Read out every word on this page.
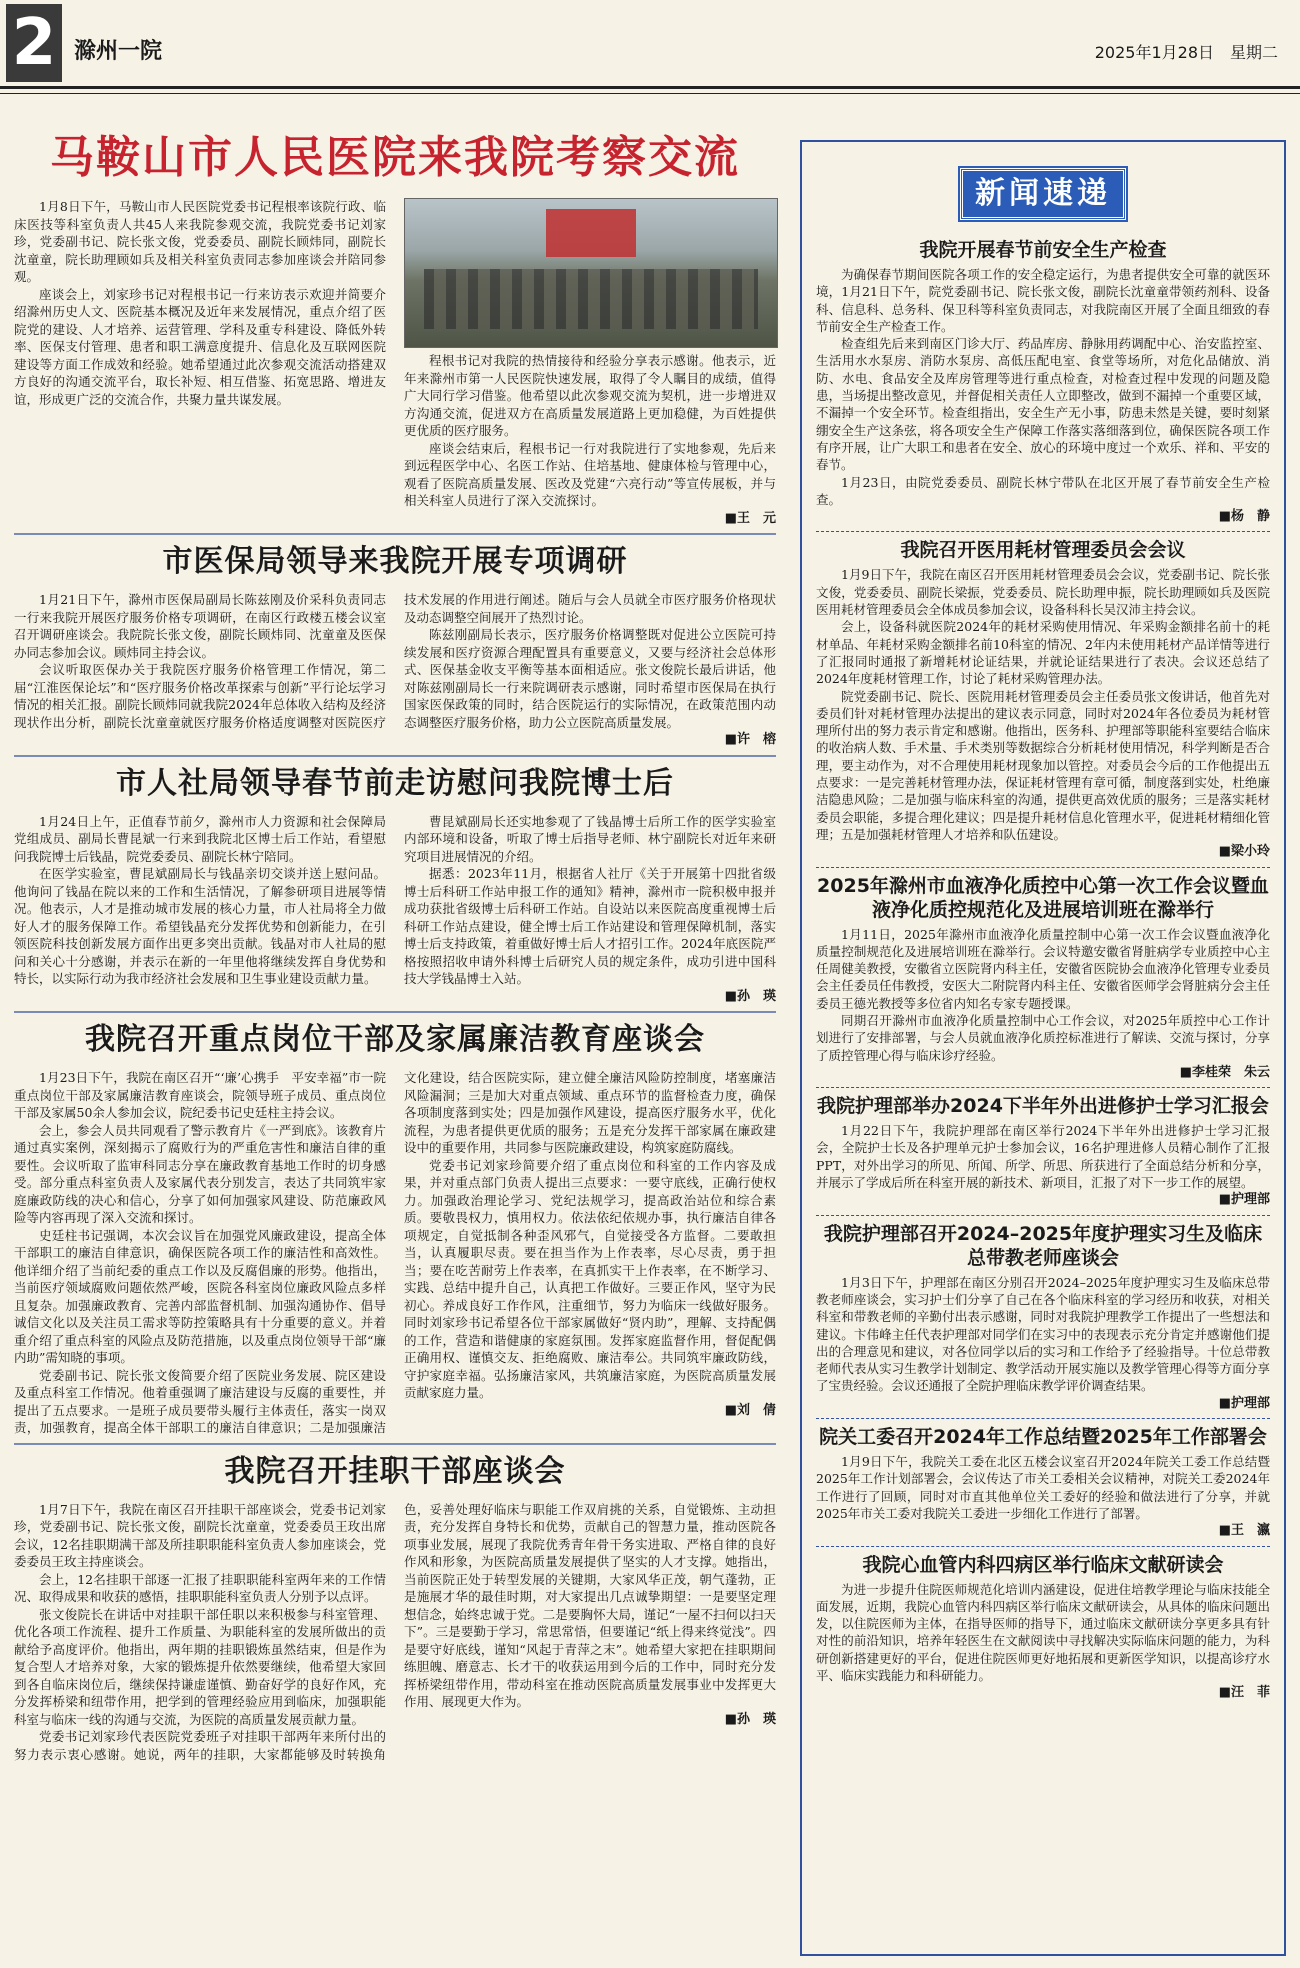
2 滁州一院	2025年1月28日　星期二
马鞍山市人民医院来我院考察交流

1月8日下午，马鞍山市人民医院党委书记程根率该院行政、临床医技等科室负责人共45人来我院参观交流，我院党委书记刘家珍，党委副书记、院长张文俊，党委委员、副院长顾炜同，副院长沈童童，院长助理顾如兵及相关科室负责同志参加座谈会并陪同参观。

座谈会上，刘家珍书记对程根书记一行来访表示欢迎并简要介绍滁州历史人文、医院基本概况及近年来发展情况，重点介绍了医院党的建设、人才培养、运营管理、学科及重专科建设、降低外转率、医保支付管理、患者和职工满意度提升、信息化及互联网医院建设等方面工作成效和经验。她希望通过此次参观交流活动搭建双方良好的沟通交流平台，取长补短、相互借鉴、拓宽思路、增进友谊，形成更广泛的交流合作，共聚力量共谋发展。

程根书记对我院的热情接待和经验分享表示感谢。他表示，近年来滁州市第一人民医院快速发展，取得了令人瞩目的成绩，值得广大同行学习借鉴。他希望以此次参观交流为契机，进一步增进双方沟通交流，促进双方在高质量发展道路上更加稳健，为百姓提供更优质的医疗服务。

座谈会结束后，程根书记一行对我院进行了实地参观，先后来到远程医学中心、名医工作站、住培基地、健康体检与管理中心，观看了医院高质量发展、医改及党建“六亮行动”等宣传展板，并与相关科室人员进行了深入交流探讨。

■王　元
市医保局领导来我院开展专项调研

1月21日下午，滁州市医保局副局长陈兹刚及价采科负责同志一行来我院开展医疗服务价格专项调研，在南区行政楼五楼会议室召开调研座谈会。我院院长张文俊，副院长顾炜同、沈童童及医保办同志参加会议。顾炜同主持会议。

会议听取医保办关于我院医疗服务价格管理工作情况，第二届“江淮医保论坛”和“医疗服务价格改革探索与创新”平行论坛学习情况的相关汇报。副院长顾炜同就我院2024年总体收入结构及经济现状作出分析，副院长沈童童就医疗服务价格适度调整对医院医疗技术发展的作用进行阐述。随后与会人员就全市医疗服务价格现状及动态调整空间展开了热烈讨论。

陈兹刚副局长表示，医疗服务价格调整既对促进公立医院可持续发展和医疗资源合理配置具有重要意义，又要与经济社会总体形式、医保基金收支平衡等基本面相适应。张文俊院长最后讲话，他对陈兹刚副局长一行来院调研表示感谢，同时希望市医保局在执行国家医保政策的同时，结合医院运行的实际情况，在政策范围内动态调整医疗服务价格，助力公立医院高质量发展。

■许　榕
市人社局领导春节前走访慰问我院博士后

1月24日上午，正值春节前夕，滁州市人力资源和社会保障局党组成员、副局长曹昆斌一行来到我院北区博士后工作站，看望慰问我院博士后钱晶，院党委委员、副院长林宁陪同。

在医学实验室，曹昆斌副局长与钱晶亲切交谈并送上慰问品。他询问了钱晶在院以来的工作和生活情况，了解参研项目进展等情况。他表示，人才是推动城市发展的核心力量，市人社局将全力做好人才的服务保障工作。希望钱晶充分发挥优势和创新能力，在引领医院科技创新发展方面作出更多突出贡献。钱晶对市人社局的慰问和关心十分感谢，并表示在新的一年里他将继续发挥自身优势和特长，以实际行动为我市经济社会发展和卫生事业建设贡献力量。

曹昆斌副局长还实地参观了了钱晶博士后所工作的医学实验室内部环境和设备，听取了博士后指导老师、林宁副院长对近年来研究项目进展情况的介绍。

据悉：2023年11月，根据省人社厅《关于开展第十四批省级博士后科研工作站申报工作的通知》精神，滁州市一院积极申报并成功获批省级博士后科研工作站。自设站以来医院高度重视博士后科研工作站点建设，健全博士后工作站建设和管理保障机制，落实博士后支持政策，着重做好博士后人才招引工作。2024年底医院严格按照招收申请外科博士后研究人员的规定条件，成功引进中国科技大学钱晶博士入站。

■孙　瑛
我院召开重点岗位干部及家属廉洁教育座谈会

1月23日下午，我院在南区召开“‘廉’心携手　平安幸福”市一院重点岗位干部及家属廉洁教育座谈会，院领导班子成员、重点岗位干部及家属50余人参加会议，院纪委书记史廷柱主持会议。

会上，参会人员共同观看了警示教育片《一严到底》。该教育片通过真实案例，深刻揭示了腐败行为的严重危害性和廉洁自律的重要性。会议听取了监审科同志分享在廉政教育基地工作时的切身感受。部分重点科室负责人及家属代表分别发言，表达了共同筑牢家庭廉政防线的决心和信心，分享了如何加强家风建设、防范廉政风险等内容再现了深入交流和探讨。

史廷柱书记强调，本次会议旨在加强党风廉政建设，提高全体干部职工的廉洁自律意识，确保医院各项工作的廉洁性和高效性。他详细介绍了当前纪委的重点工作以及反腐倡廉的形势。他指出，当前医疗领域腐败问题依然严峻，医院各科室岗位廉政风险点多样且复杂。加强廉政教育、完善内部监督机制、加强沟通协作、倡导诚信文化以及关注员工需求等防控策略具有十分重要的意义。并着重介绍了重点科室的风险点及防范措施，以及重点岗位领导干部“廉内助”需知晓的事项。

党委副书记、院长张文俊简要介绍了医院业务发展、院区建设及重点科室工作情况。他着重强调了廉洁建设与反腐的重要性，并提出了五点要求。一是班子成员要带头履行主体责任，落实一岗双责，加强教育，提高全体干部职工的廉洁自律意识；二是加强廉洁文化建设，结合医院实际，建立健全廉洁风险防控制度，堵塞廉洁风险漏洞；三是加大对重点领域、重点环节的监督检查力度，确保各项制度落到实处；四是加强作风建设，提高医疗服务水平，优化流程，为患者提供更优质的服务；五是充分发挥干部家属在廉政建设中的重要作用，共同参与医院廉政建设，构筑家庭防腐线。

党委书记刘家珍简要介绍了重点岗位和科室的工作内容及成果，并对重点部门负责人提出三点要求：一要守底线，正确行使权力。加强政治理论学习、党纪法规学习，提高政治站位和综合素质。要敬畏权力，慎用权力。依法依纪依规办事，执行廉洁自律各项规定，自觉抵制各种歪风邪气，自觉接受各方监督。二要敢担当，认真履职尽责。要在担当作为上作表率，尽心尽责，勇于担当；要在吃苦耐劳上作表率，在真抓实干上作表率，在不断学习、实践、总结中提升自己，认真把工作做好。三要正作风，坚守为民初心。养成良好工作作风，注重细节，努力为临床一线做好服务。同时刘家珍书记希望各位干部家属做好“贤内助”，理解、支持配偶的工作，营造和谐健康的家庭氛围。发挥家庭监督作用，督促配偶正确用权、谨慎交友、拒绝腐败、廉洁奉公。共同筑牢廉政防线，守护家庭幸福。弘扬廉洁家风，共筑廉洁家庭，为医院高质量发展贡献家庭力量。

■刘　倩
我院召开挂职干部座谈会

1月7日下午，我院在南区召开挂职干部座谈会，党委书记刘家珍，党委副书记、院长张文俊，副院长沈童童，党委委员王玫出席会议，12名挂职期满干部及所挂职职能科室负责人参加座谈会，党委委员王玫主持座谈会。

会上，12名挂职干部逐一汇报了挂职职能科室两年来的工作情况、取得成果和收获的感悟，挂职职能科室负责人分别予以点评。

张文俊院长在讲话中对挂职干部任职以来积极参与科室管理、优化各项工作流程、提升工作质量、为职能科室的发展所做出的贡献给予高度评价。他指出，两年期的挂职锻炼虽然结束，但是作为复合型人才培养对象，大家的锻炼提升依然要继续，他希望大家回到各自临床岗位后，继续保持谦虚谨慎、勤奋好学的良好作风，充分发挥桥梁和纽带作用，把学到的管理经验应用到临床，加强职能科室与临床一线的沟通与交流，为医院的高质量发展贡献力量。

党委书记刘家珍代表医院党委班子对挂职干部两年来所付出的努力表示衷心感谢。她说，两年的挂职，大家都能够及时转换角色，妥善处理好临床与职能工作双肩挑的关系，自觉锻炼、主动担责，充分发挥自身特长和优势，贡献自己的智慧力量，推动医院各项事业发展，展现了我院优秀青年骨干务实进取、严格自律的良好作风和形象，为医院高质量发展提供了坚实的人才支撑。她指出，当前医院正处于转型发展的关键期，大家风华正茂，朝气蓬勃，正是施展才华的最佳时期，对大家提出几点诚挚期望：一是要坚定理想信念，始终忠诚于党。二是要胸怀大局，谨记“一屋不扫何以扫天下”。三是要勤于学习，常思常悟，但要谨记“纸上得来终觉浅”。四是要守好底线，谨知“风起于青萍之末”。她希望大家把在挂职期间练胆魄、磨意志、长才干的收获运用到今后的工作中，同时充分发挥桥梁纽带作用，带动科室在推动医院高质量发展事业中发挥更大作用、展现更大作为。

■孙　瑛
新闻速递
我院开展春节前安全生产检查

为确保春节期间医院各项工作的安全稳定运行，为患者提供安全可靠的就医环境，1月21日下午，院党委副书记、院长张文俊，副院长沈童童带领药剂科、设备科、信息科、总务科、保卫科等科室负责同志，对我院南区开展了全面且细致的春节前安全生产检查工作。

检查组先后来到南区门诊大厅、药品库房、静脉用药调配中心、治安监控室、生活用水水泵房、消防水泵房、高低压配电室、食堂等场所，对危化品储放、消防、水电、食品安全及库房管理等进行重点检查，对检查过程中发现的问题及隐患，当场提出整改意见，并督促相关责任人立即整改，做到不漏掉一个重要区域，不漏掉一个安全环节。检查组指出，安全生产无小事，防患未然是关键，要时刻紧绷安全生产这条弦，将各项安全生产保障工作落实落细落到位，确保医院各项工作有序开展，让广大职工和患者在安全、放心的环境中度过一个欢乐、祥和、平安的春节。

1月23日，由院党委委员、副院长林宁带队在北区开展了春节前安全生产检查。

■杨　静
我院召开医用耗材管理委员会会议

1月9日下午，我院在南区召开医用耗材管理委员会会议，党委副书记、院长张文俊，党委委员、副院长梁振，党委委员、院长助理申振，院长助理顾如兵及医院医用耗材管理委员会全体成员参加会议，设备科科长吴汉沛主持会议。

会上，设备科就医院2024年的耗材采购使用情况、年采购金额排名前十的耗材单品、年耗材采购金额排名前10科室的情况、2年内未使用耗材产品详情等进行了汇报同时通报了新增耗材论证结果，并就论证结果进行了表决。会议还总结了2024年度耗材管理工作，讨论了耗材采购管理办法。

院党委副书记、院长、医院用耗材管理委员会主任委员张文俊讲话，他首先对委员们针对耗材管理办法提出的建议表示同意，同时对2024年各位委员为耗材管理所付出的努力表示肯定和感谢。他指出，医务科、护理部等职能科室要结合临床的收治病人数、手术量、手术类别等数据综合分析耗材使用情况，科学判断是否合理，要主动作为，对不合理使用耗材现象加以管控。对委员会今后的工作他提出五点要求：一是完善耗材管理办法，保证耗材管理有章可循，制度落到实处，杜绝廉洁隐患风险；二是加强与临床科室的沟通，提供更高效优质的服务；三是落实耗材委员会职能，多提合理化建议；四是提升耗材信息化管理水平，促进耗材精细化管理；五是加强耗材管理人才培养和队伍建设。

■梁小玲
2025年滁州市血液净化质控中心第一次工作会议暨血液净化质控规范化及进展培训班在滁举行

1月11日，2025年滁州市血液净化质量控制中心第一次工作会议暨血液净化质量控制规范化及进展培训班在滁举行。会议特邀安徽省肾脏病学专业质控中心主任周健美教授，安徽省立医院肾内科主任，安徽省医院协会血液净化管理专业委员会主任委员任伟教授，安医大二附院肾内科主任、安徽省医师学会肾脏病分会主任委员王德光教授等多位省内知名专家专题授课。

同期召开滁州市血液净化质量控制中心工作会议，对2025年质控中心工作计划进行了安排部署，与会人员就血液净化质控标准进行了解读、交流与探讨，分享了质控管理心得与临床诊疗经验。

■李桂荣　朱云
我院护理部举办2024下半年外出进修护士学习汇报会

1月22日下午，我院护理部在南区举行2024下半年外出进修护士学习汇报会，全院护士长及各护理单元护士参加会议，16名护理进修人员精心制作了汇报PPT，对外出学习的所见、所闻、所学、所思、所获进行了全面总结分析和分享，并展示了学成后所在科室开展的新技术、新项目，汇报了对下一步工作的展望。

■护理部
我院护理部召开2024–2025年度护理实习生及临床总带教老师座谈会

1月3日下午，护理部在南区分别召开2024–2025年度护理实习生及临床总带教老师座谈会，实习护士们分享了自己在各个临床科室的学习经历和收获，对相关科室和带教老师的辛勤付出表示感谢，同时对我院护理教学工作提出了一些想法和建议。卞伟峰主任代表护理部对同学们在实习中的表现表示充分肯定并感谢他们提出的合理意见和建议，对各位同学以后的实习和工作给予了经验指导。十位总带教老师代表从实习生教学计划制定、教学活动开展实施以及教学管理心得等方面分享了宝贵经验。会议还通报了全院护理临床教学评价调查结果。

■护理部
院关工委召开2024年工作总结暨2025年工作部署会

1月9日下午，我院关工委在北区五楼会议室召开2024年院关工委工作总结暨2025年工作计划部署会，会议传达了市关工委相关会议精神，对院关工委2024年工作进行了回顾，同时对市直其他单位关工委好的经验和做法进行了分享，并就2025年市关工委对我院关工委进一步细化工作进行了部署。

■王　瀛
我院心血管内科四病区举行临床文献研读会

为进一步提升住院医师规范化培训内涵建设，促进住培教学理论与临床技能全面发展，近期，我院心血管内科四病区举行临床文献研读会，从具体的临床问题出发，以住院医师为主体，在指导医师的指导下，通过临床文献研读分享更多具有针对性的前沿知识，培养年轻医生在文献阅读中寻找解决实际临床问题的能力，为科研创新搭建更好的平台，促进住院医师更好地拓展和更新医学知识，以提高诊疗水平、临床实践能力和科研能力。

■汪　菲
